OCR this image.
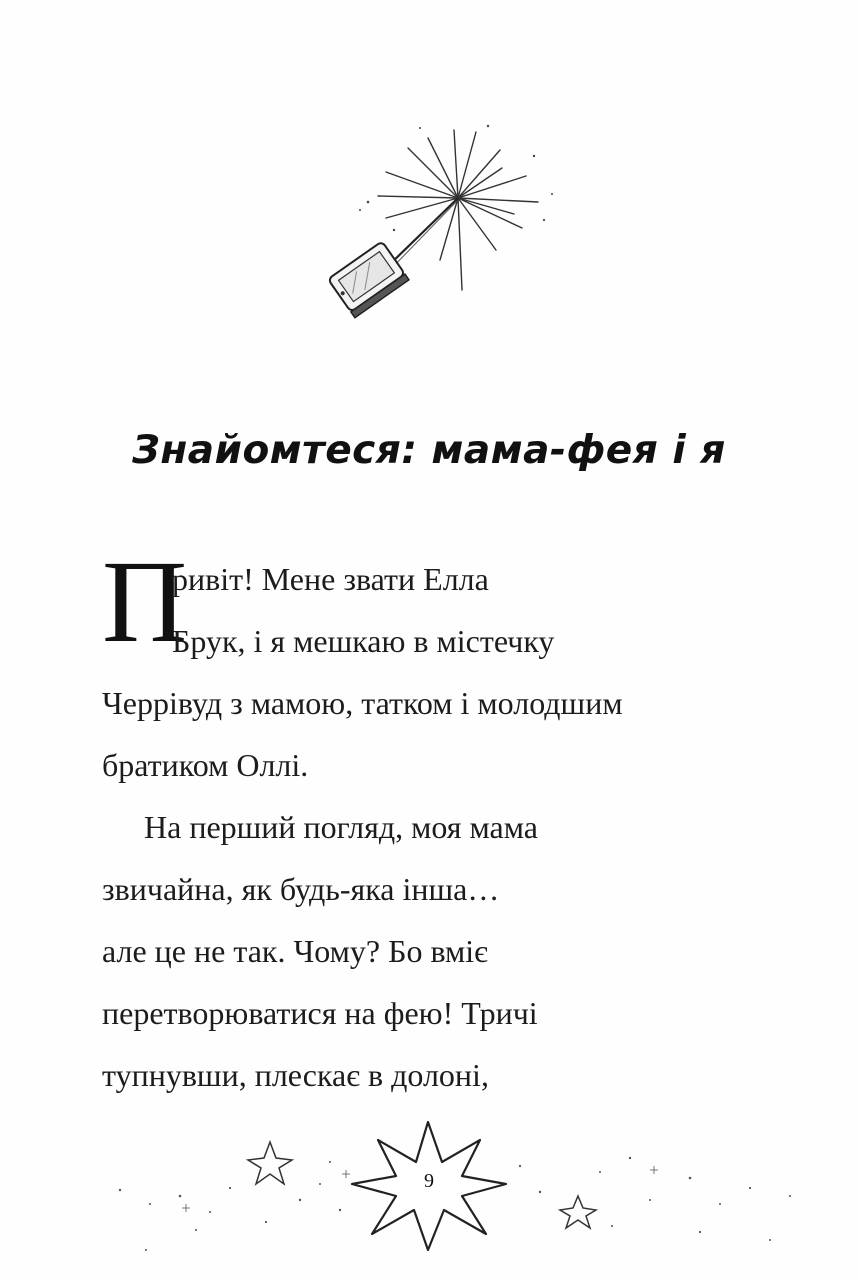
Знайомтеся: мама-фея і я
П
ривіт! Мене звати Елла
Брук, і я мешкаю в містечку
Черрівуд з мамою, татком і молодшим
братиком Оллі.
На перший погляд, моя мама
звичайна, як будь-яка інша…
але це не так. Чому? Бо вміє
перетворюватися на фею! Тричі
тупнувши, плескає в долоні,
9
